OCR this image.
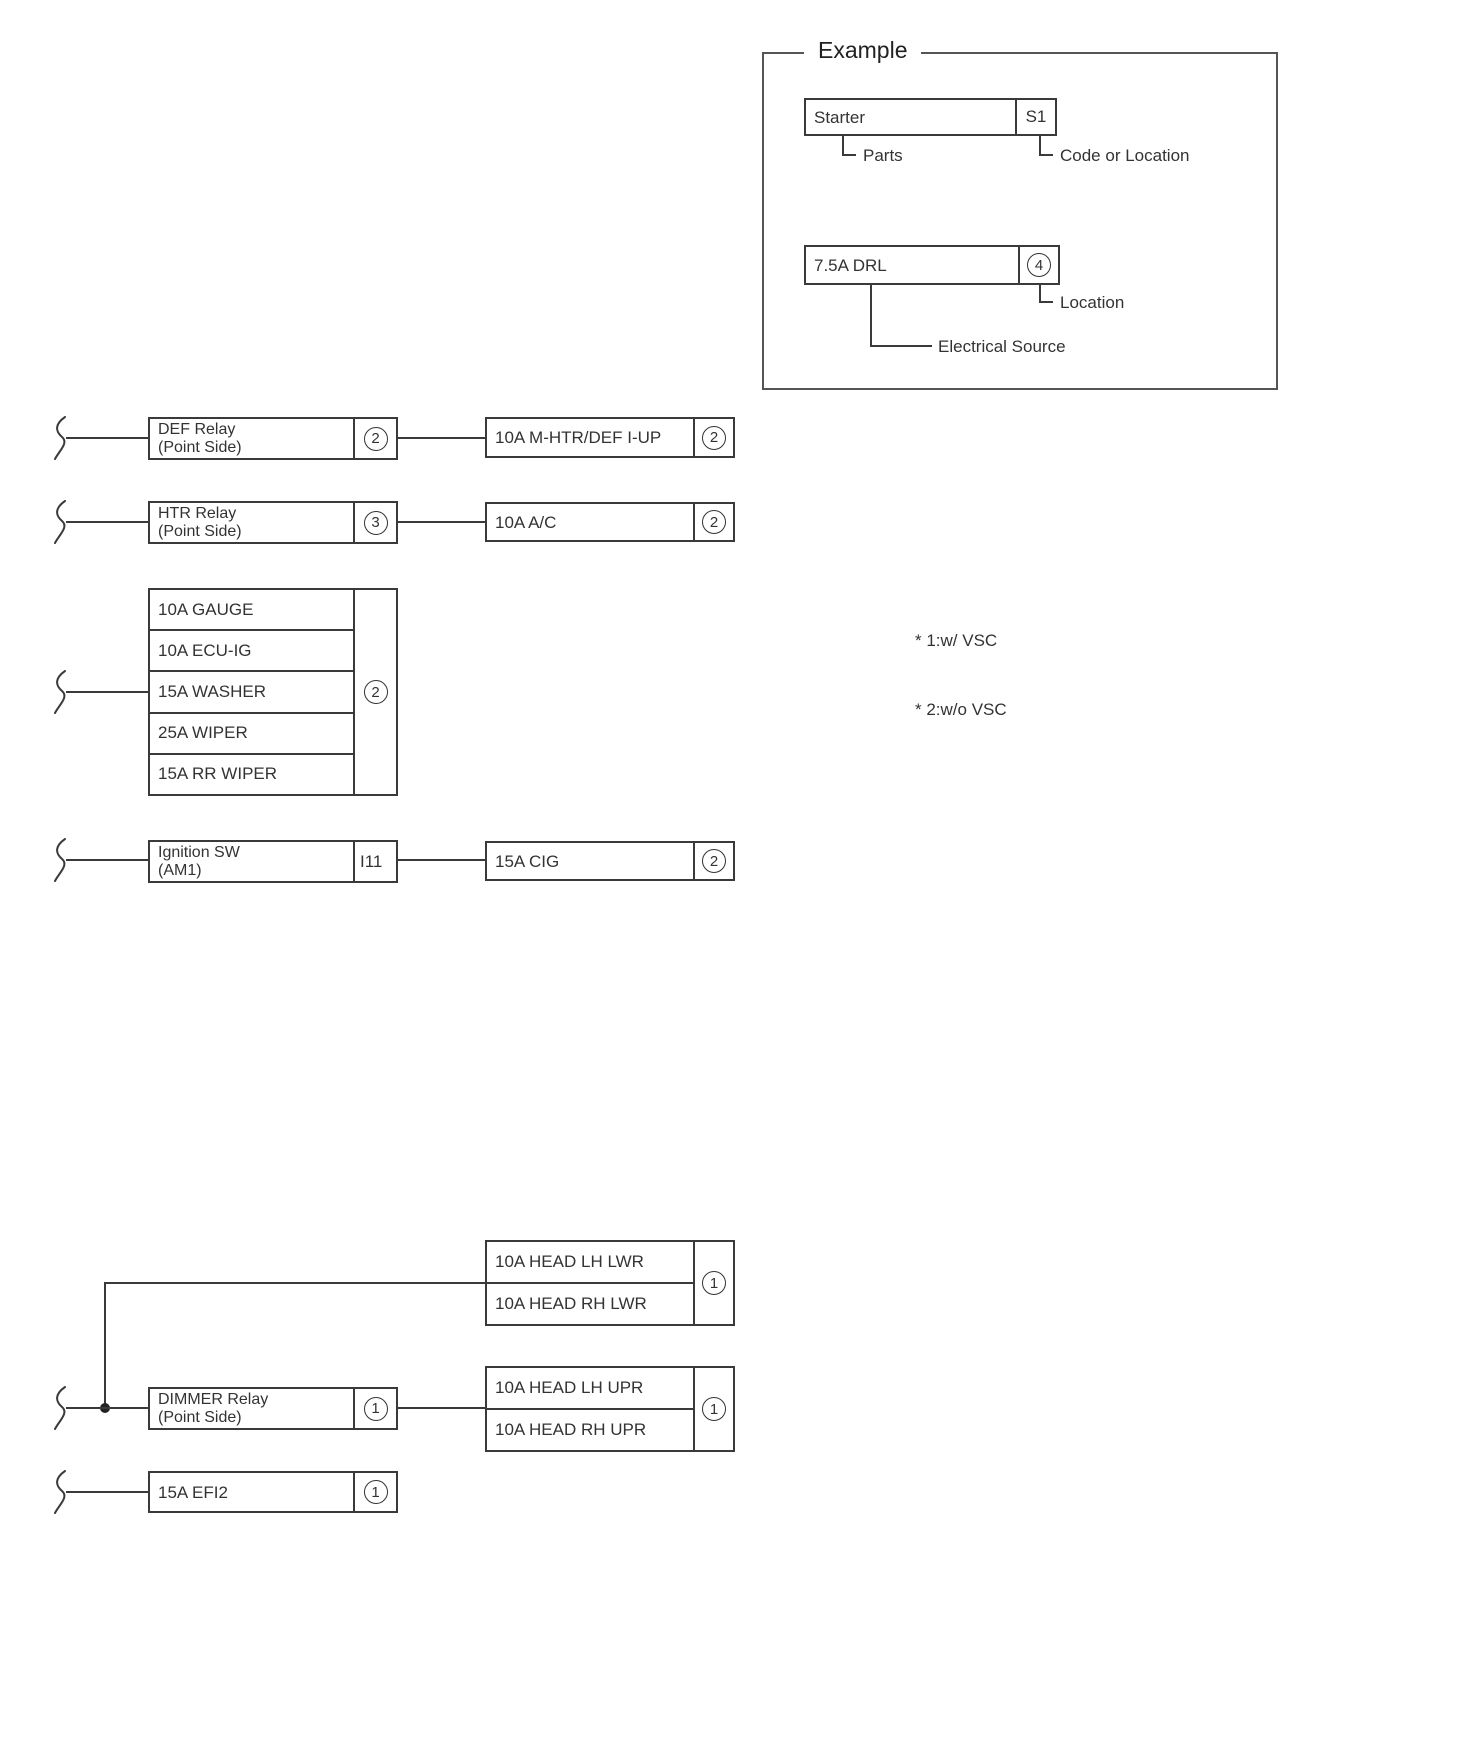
Example
Starter	S1
Parts	Code or Location
7.5A DRL	4
Location
Electrical Source

* 1:w/ VSC

* 2:w/o VSC

DEF Relay
(Point Side)	2	10A M-HTR/DEF I-UP	2
HTR Relay
(Point Side)	3	10A A/C	2
10A GAUGE
10A ECU-IG
15A WASHER
25A WIPER
15A RR WIPER
2
Ignition SW
(AM1)	I11	15A CIG	2
10A HEAD LH LWR
10A HEAD RH LWR
1
DIMMER Relay
(Point Side)	1
10A HEAD LH UPR
10A HEAD RH UPR
1
15A EFI2	1
